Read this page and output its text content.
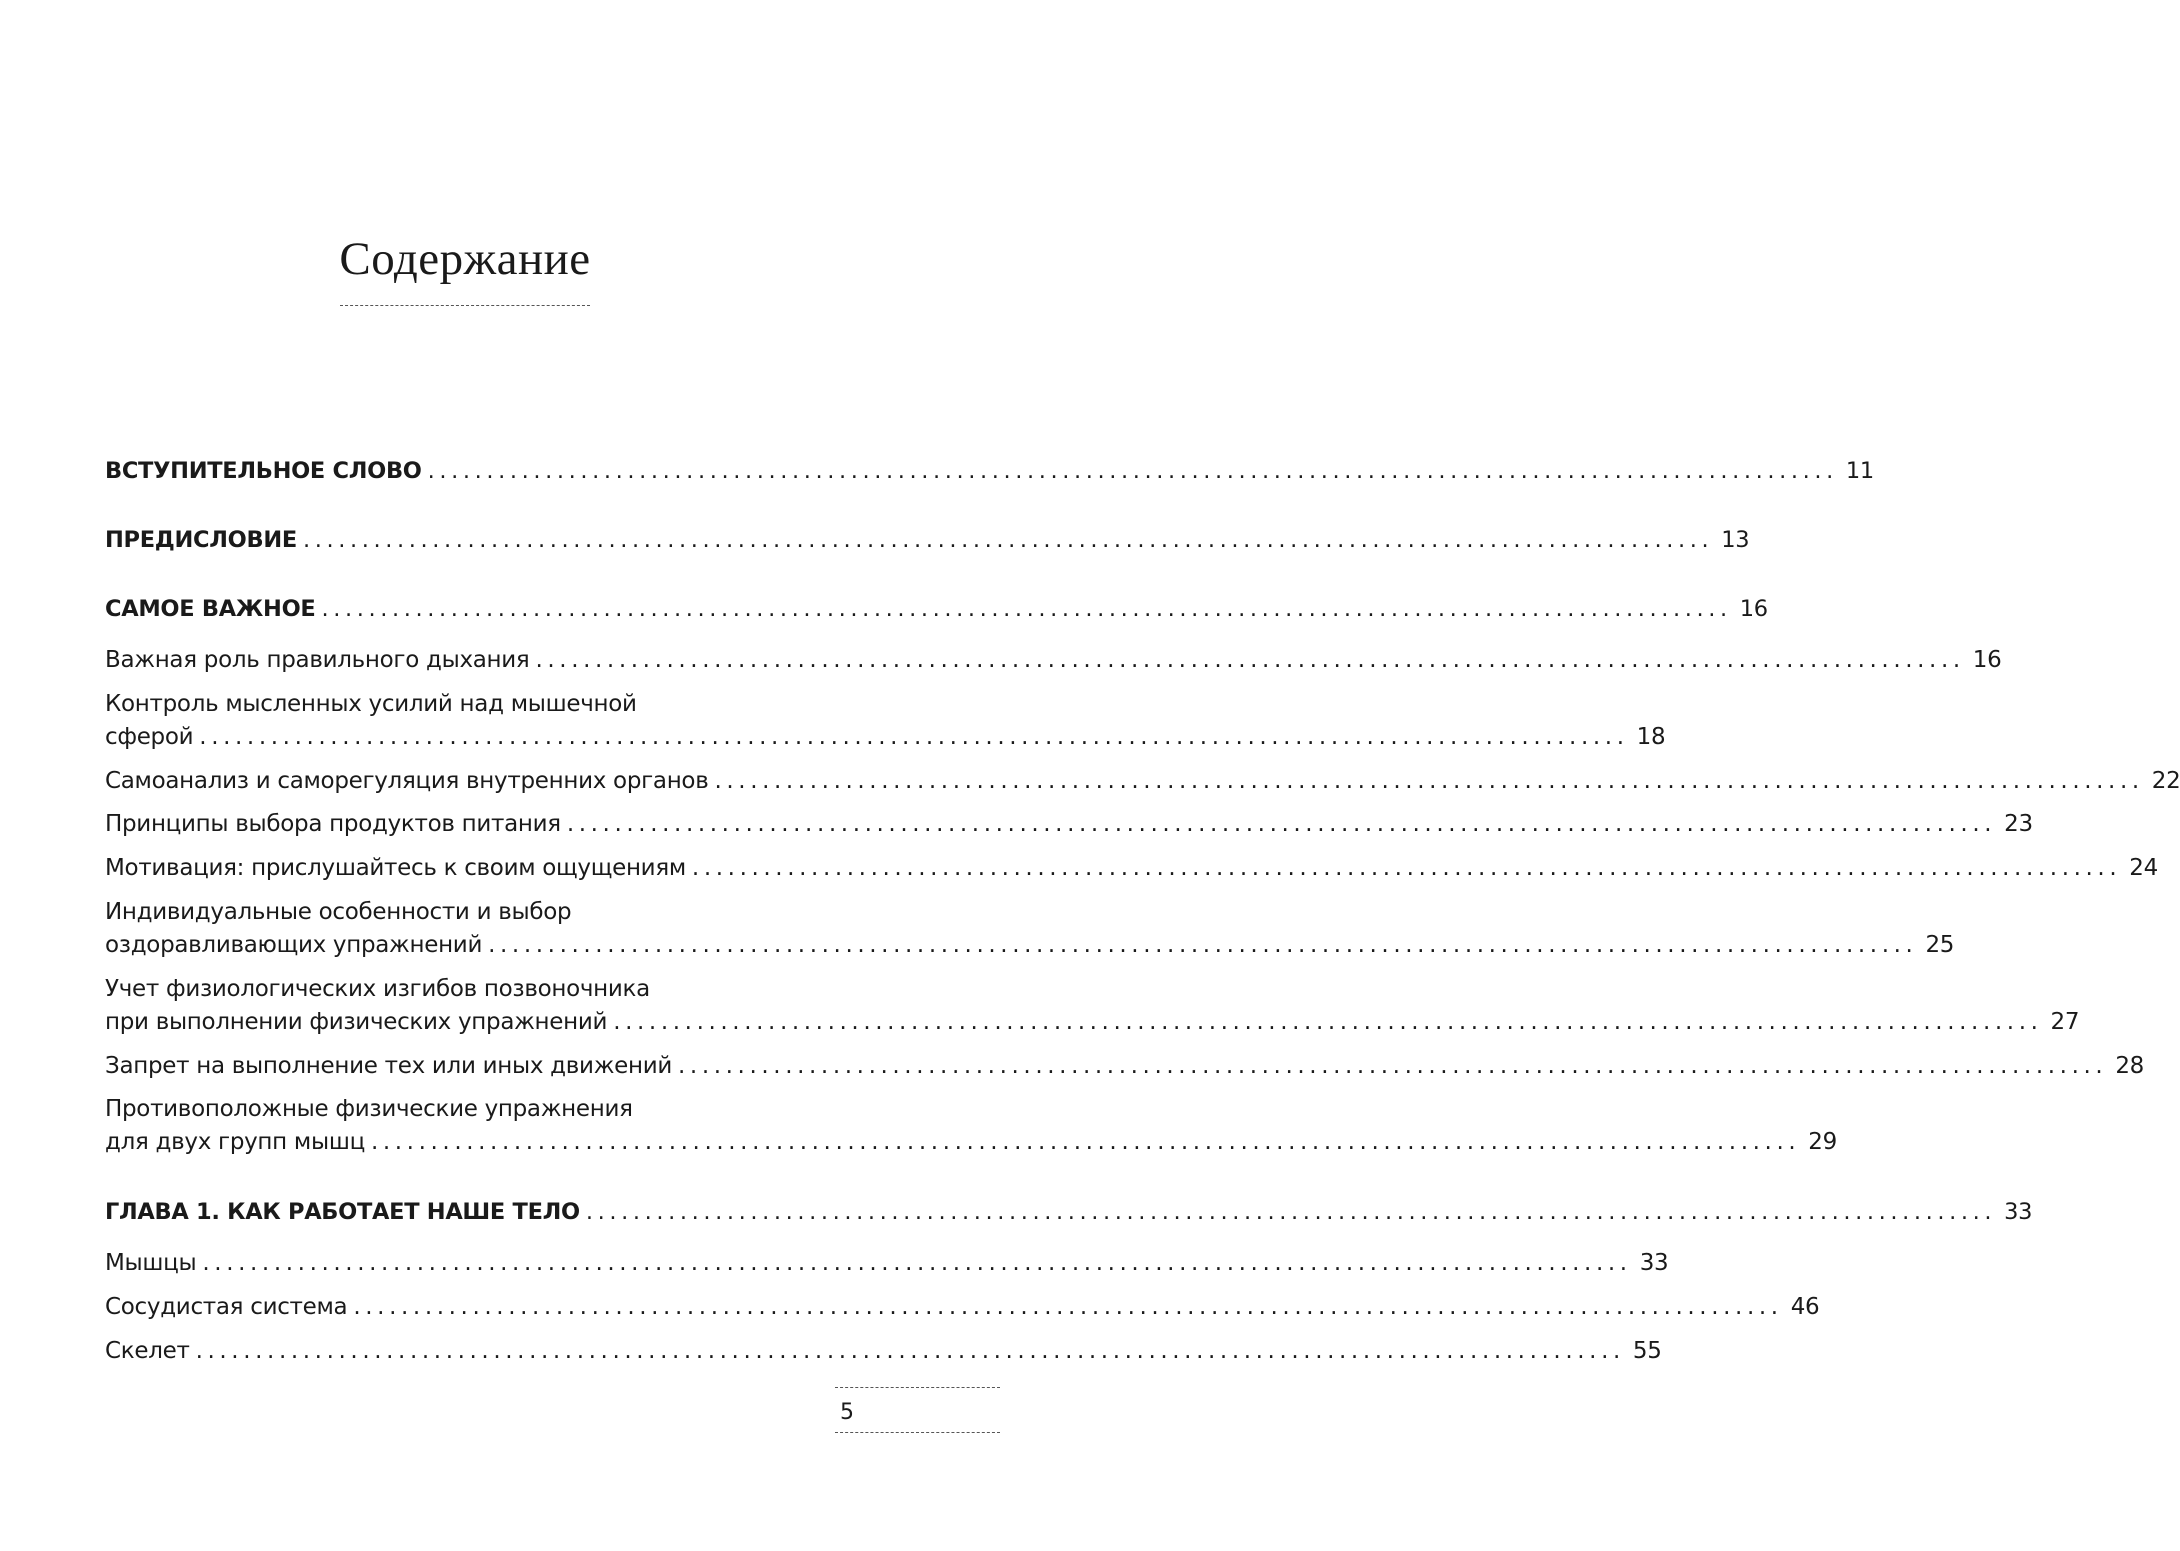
Содержание
ВСТУПИТЕЛЬНОЕ СЛОВО ........................................................................................................................ 11
ПРЕДИСЛОВИЕ ........................................................................................................................ 13
САМОЕ ВАЖНОЕ ........................................................................................................................ 16
Важная роль правильного дыхания ........................................................................................................................ 16
Контроль мысленных усилий над мышечной
сферой ........................................................................................................................ 18
Самоанализ и саморегуляция внутренних органов ........................................................................................................................ 22
Принципы выбора продуктов питания ........................................................................................................................ 23
Мотивация: прислушайтесь к своим ощущениям ........................................................................................................................ 24
Индивидуальные особенности и выбор
оздоравливающих упражнений ........................................................................................................................ 25
Учет физиологических изгибов позвоночника
при выполнении физических упражнений ........................................................................................................................ 27
Запрет на выполнение тех или иных движений ........................................................................................................................ 28
Противоположные физические упражнения
для двух групп мышц ........................................................................................................................ 29
ГЛАВА 1. КАК РАБОТАЕТ НАШЕ ТЕЛО ........................................................................................................................ 33
Мышцы ........................................................................................................................ 33
Сосудистая система ........................................................................................................................ 46
Скелет ........................................................................................................................ 55
5
